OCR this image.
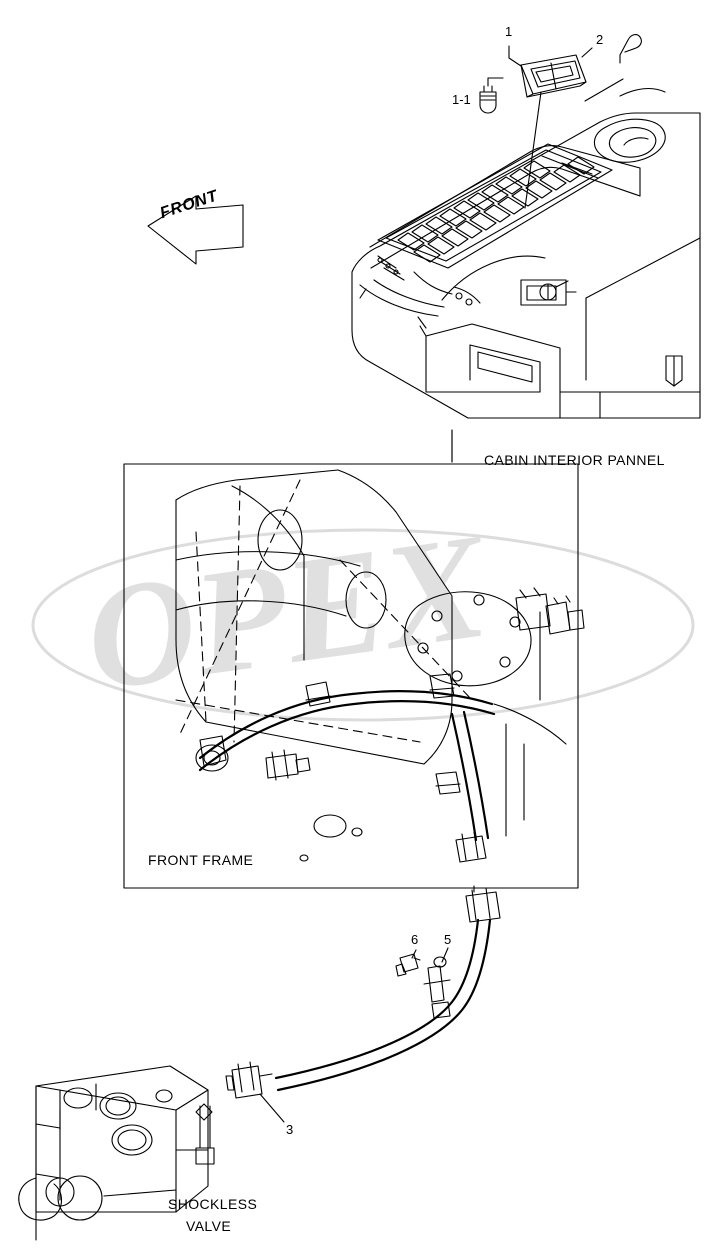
OPEX
FRONT
1
1-1
2
3
5
6
CABIN INTERIOR PANNEL
FRONT FRAME
SHOCKLESS
VALVE
